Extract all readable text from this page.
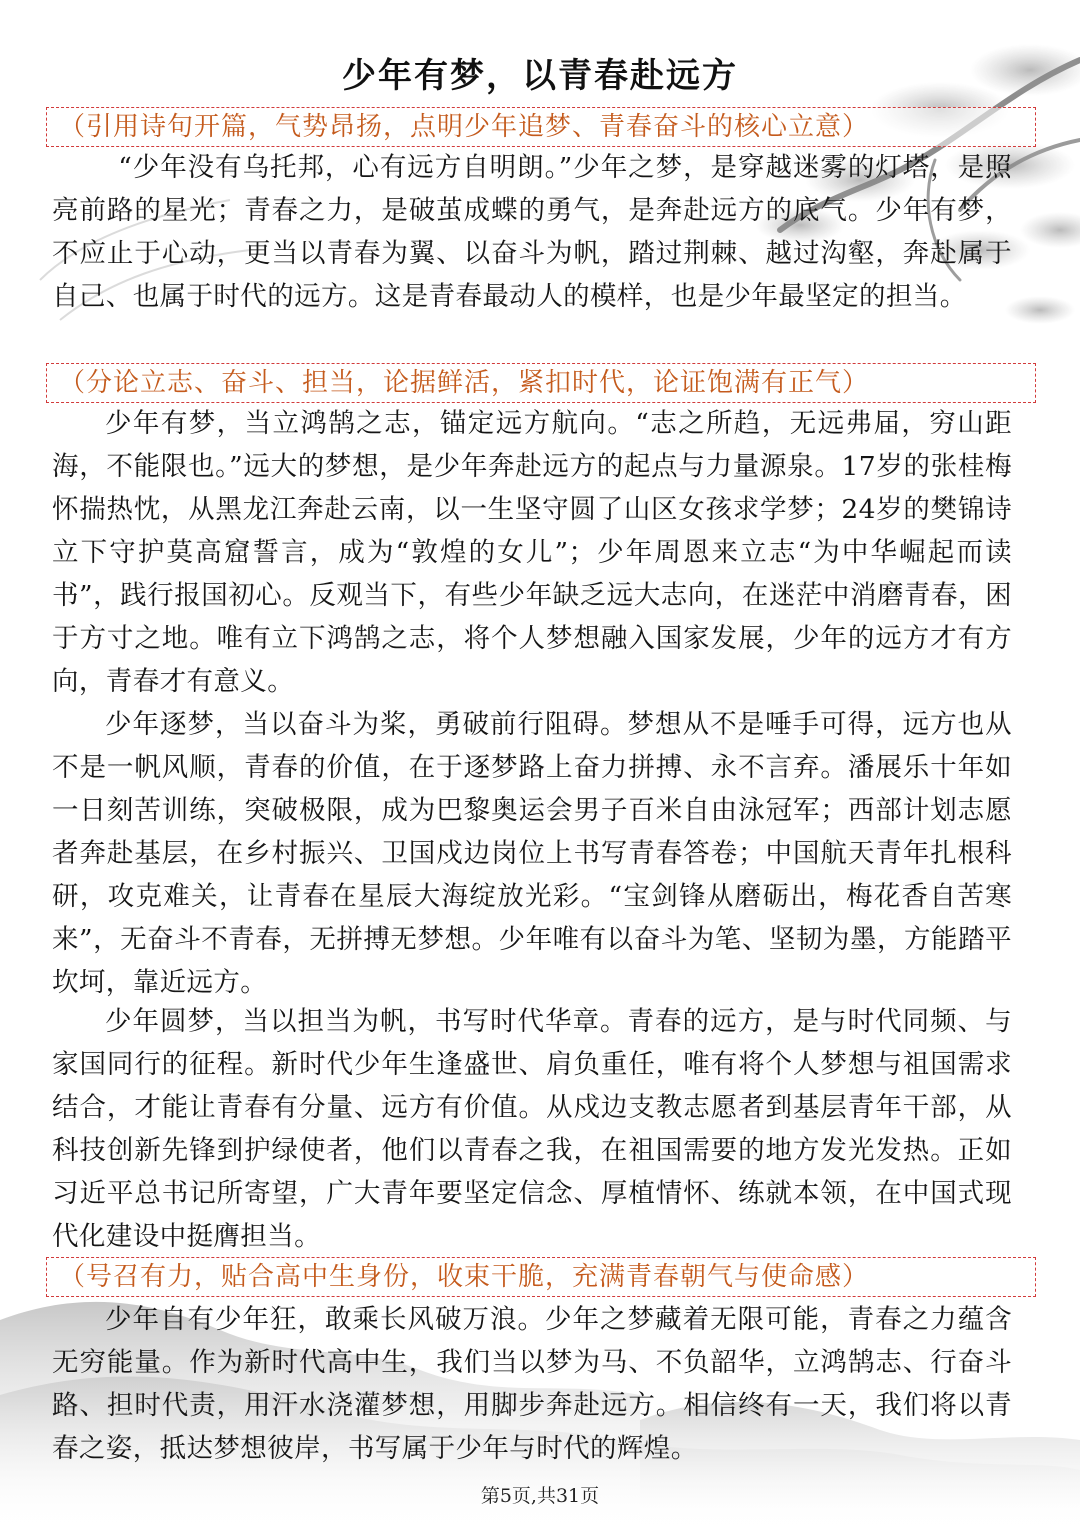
少年有梦，以青春赴远方
（引用诗句开篇，气势昂扬，点明少年追梦、青春奋斗的核心立意）

“少年没有乌托邦，心有远方自明朗。”少年之梦，是穿越迷雾的灯塔，是照亮前路的星光；青春之力，是破茧成蝶的勇气，是奔赴远方的底气。少年有梦，不应止于心动，更当以青春为翼、以奋斗为帆，踏过荆棘、越过沟壑，奔赴属于自己、也属于时代的远方。这是青春最动人的模样，也是少年最坚定的担当。

（分论立志、奋斗、担当，论据鲜活，紧扣时代，论证饱满有正气）

少年有梦，当立鸿鹄之志，锚定远方航向。“志之所趋，无远弗届，穷山距海，不能限也。”远大的梦想，是少年奔赴远方的起点与力量源泉。17岁的张桂梅怀揣热忱，从黑龙江奔赴云南，以一生坚守圆了山区女孩求学梦；24岁的樊锦诗立下守护莫高窟誓言，成为“敦煌的女儿”；少年周恩来立志“为中华崛起而读书”，践行报国初心。反观当下，有些少年缺乏远大志向，在迷茫中消磨青春，困于方寸之地。唯有立下鸿鹄之志，将个人梦想融入国家发展，少年的远方才有方向，青春才有意义。

少年逐梦，当以奋斗为桨，勇破前行阻碍。梦想从不是唾手可得，远方也从不是一帆风顺，青春的价值，在于逐梦路上奋力拼搏、永不言弃。潘展乐十年如一日刻苦训练，突破极限，成为巴黎奥运会男子百米自由泳冠军；西部计划志愿者奔赴基层，在乡村振兴、卫国戍边岗位上书写青春答卷；中国航天青年扎根科研，攻克难关，让青春在星辰大海绽放光彩。“宝剑锋从磨砺出，梅花香自苦寒来”，无奋斗不青春，无拼搏无梦想。少年唯有以奋斗为笔、坚韧为墨，方能踏平坎坷，靠近远方。

少年圆梦，当以担当为帆，书写时代华章。青春的远方，是与时代同频、与家国同行的征程。新时代少年生逢盛世、肩负重任，唯有将个人梦想与祖国需求结合，才能让青春有分量、远方有价值。从戍边支教志愿者到基层青年干部，从科技创新先锋到护绿使者，他们以青春之我，在祖国需要的地方发光发热。正如习近平总书记所寄望，广大青年要坚定信念、厚植情怀、练就本领，在中国式现代化建设中挺膺担当。

（号召有力，贴合高中生身份，收束干脆，充满青春朝气与使命感）

少年自有少年狂，敢乘长风破万浪。少年之梦藏着无限可能，青春之力蕴含无穷能量。作为新时代高中生，我们当以梦为马、不负韶华，立鸿鹄志、行奋斗路、担时代责，用汗水浇灌梦想，用脚步奔赴远方。相信终有一天，我们将以青春之姿，抵达梦想彼岸，书写属于少年与时代的辉煌。

第5页,共31页
